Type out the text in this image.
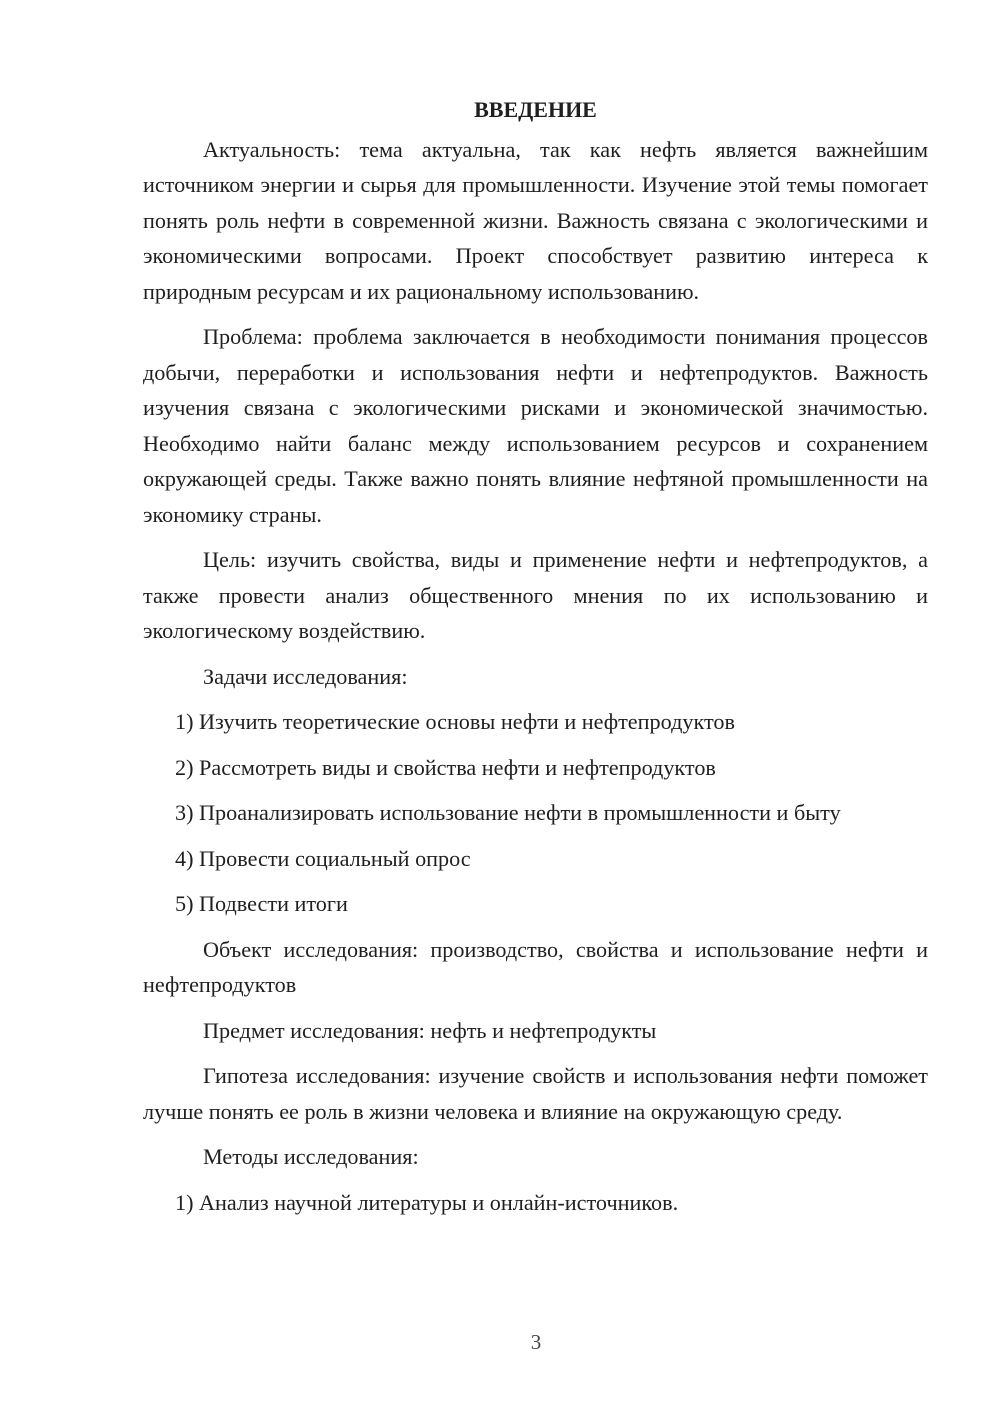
ВВЕДЕНИЕ

Актуальность: тема актуальна, так как нефть является важнейшим источником энергии и сырья для промышленности. Изучение этой темы помогает понять роль нефти в современной жизни. Важность связана с экологическими и экономическими вопросами. Проект способствует развитию интереса к природным ресурсам и их рациональному использованию.

Проблема: проблема заключается в необходимости понимания процессов добычи, переработки и использования нефти и нефтепродуктов. Важность изучения связана с экологическими рисками и экономической значимостью. Необходимо найти баланс между использованием ресурсов и сохранением окружающей среды. Также важно понять влияние нефтяной промышленности на экономику страны.

Цель: изучить свойства, виды и применение нефти и нефтепродуктов, а также провести анализ общественного мнения по их использованию и экологическому воздействию.

Задачи исследования:

1) Изучить теоретические основы нефти и нефтепродуктов

2) Рассмотреть виды и свойства нефти и нефтепродуктов

3) Проанализировать использование нефти в промышленности и быту

4) Провести социальный опрос

5) Подвести итоги

Объект исследования: производство, свойства и использование нефти и нефтепродуктов

Предмет исследования: нефть и нефтепродукты

Гипотеза исследования: изучение свойств и использования нефти поможет лучше понять ее роль в жизни человека и влияние на окружающую среду.

Методы исследования:

1) Анализ научной литературы и онлайн-источников.

3
